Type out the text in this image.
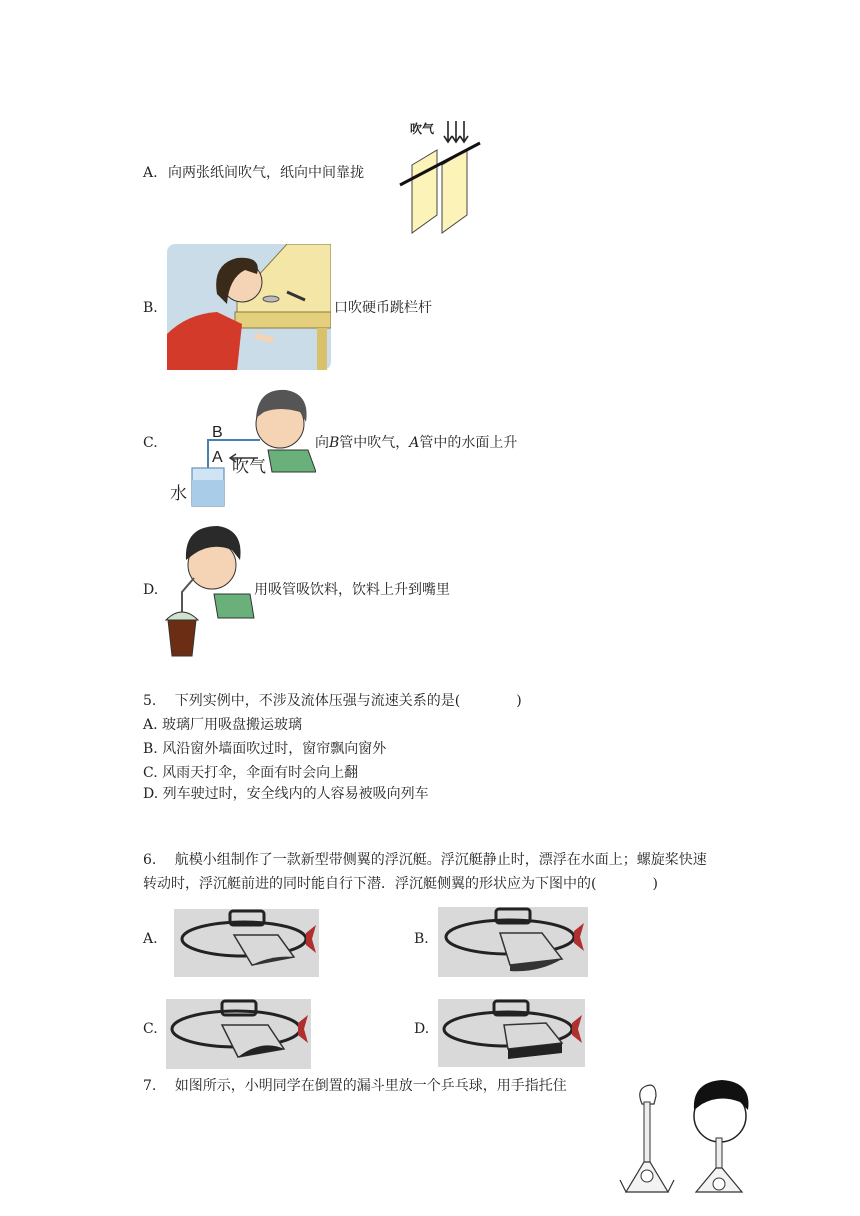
A. 向两张纸间吹气，纸向中间靠拢
吹气
B.	口吹硬币跳栏杆
C.
B
A 吹气
水
向𝐵管中吹气，𝐴管中的水面上升
D.	用吸管吸饮料，饮料上升到嘴里
5.　 下列实例中，不涉及流体压强与流速关系的是(　　　　)
A. 玻璃厂用吸盘搬运玻璃
B. 风沿窗外墙面吹过时，窗帘飘向窗外
C. 风雨天打伞，伞面有时会向上翻
D. 列车驶过时，安全线内的人容易被吸向列车
6.　 航模小组制作了一款新型带侧翼的浮沉艇。浮沉艇静止时，漂浮在水面上；螺旋桨快速
转动时，浮沉艇前进的同时能自行下潜．浮沉艇侧翼的形状应为下图中的(　　　　)
A.	B.
C.	D.
7.　 如图所示，小明同学在倒置的漏斗里放一个乒乓球，用手指托住
